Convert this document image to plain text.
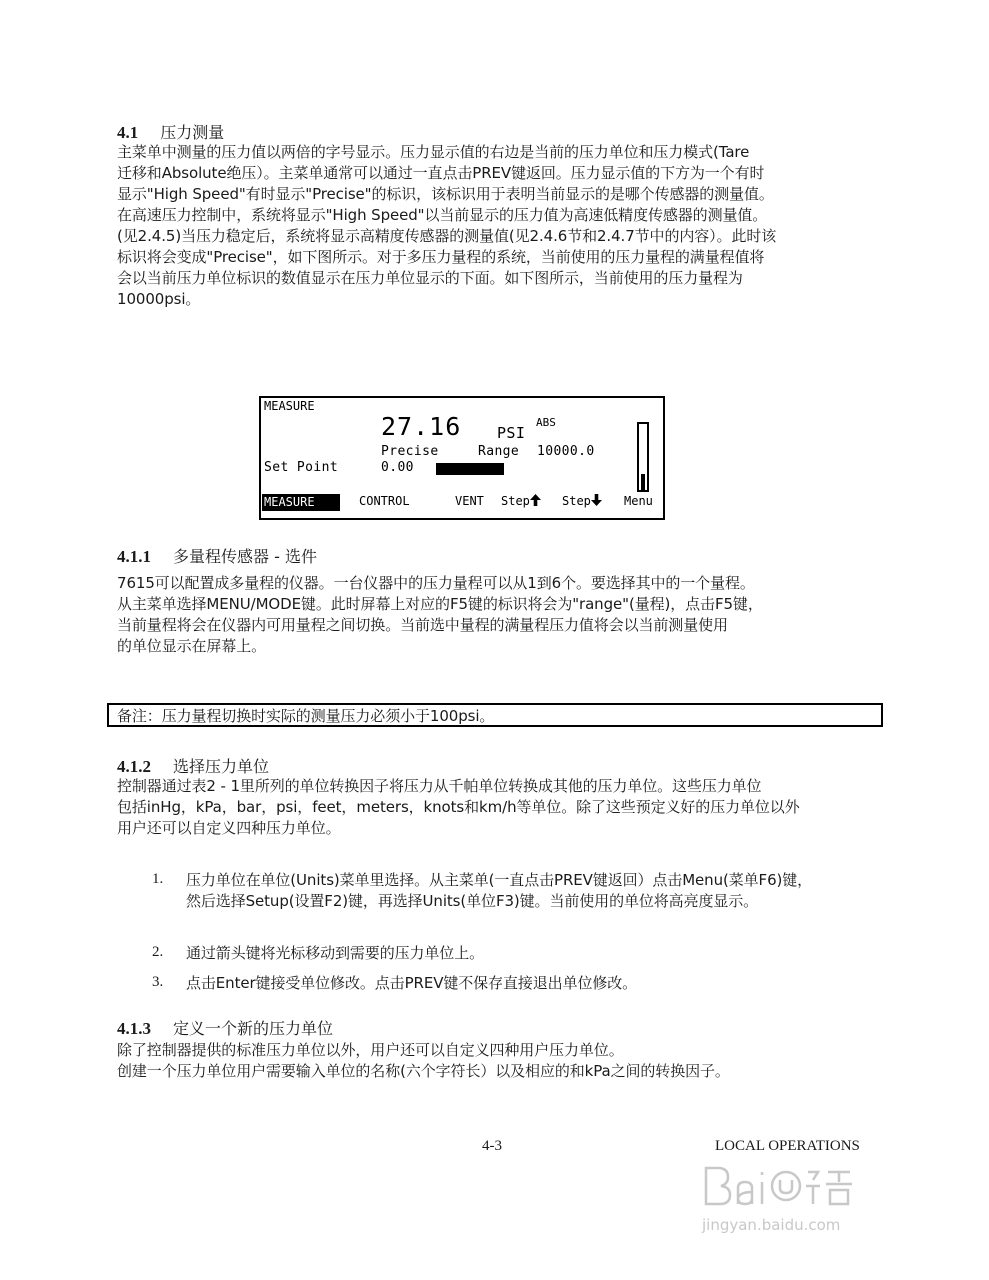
4.1 压力测量
主菜单中测量的压力值以两倍的字号显示。压力显示值的右边是当前的压力单位和压力模式(Tare
迁移和Absolute绝压）。主菜单通常可以通过一直点击PREV键返回。压力显示值的下方为一个有时
显示"High Speed"有时显示"Precise"的标识，该标识用于表明当前显示的是哪个传感器的测量值。
在高速压力控制中，系统将显示"High Speed"以当前显示的压力值为高速低精度传感器的测量值。
(见2.4.5)当压力稳定后，系统将显示高精度传感器的测量值(见2.4.6节和2.4.7节中的内容）。此时该
标识将会变成"Precise"，如下图所示。对于多压力量程的系统，当前使用的压力量程的满量程值将
会以当前压力单位标识的数值显示在压力单位显示的下面。如下图所示，当前使用的压力量程为
10000psi。
MEASURE
27.16 PSI
ABS
Precise	Range 10000.0
Set Point	0.00
MEASURE	CONTROL	VENT Step	Step	Menu
4.1.1 多量程传感器 - 选件
7615可以配置成多量程的仪器。一台仪器中的压力量程可以从1到6个。要选择其中的一个量程。
从主菜单选择MENU/MODE键。此时屏幕上对应的F5键的标识将会为"range"(量程)，点击F5键，
当前量程将会在仪器内可用量程之间切换。当前选中量程的满量程压力值将会以当前测量使用
的单位显示在屏幕上。
备注：压力量程切换时实际的测量压力必须小于100psi。
4.1.2 选择压力单位
控制器通过表2 - 1里所列的单位转换因子将压力从千帕单位转换成其他的压力单位。这些压力单位
包括inHg，kPa，bar，psi，feet，meters，knots和km/h等单位。除了这些预定义好的压力单位以外
用户还可以自定义四种压力单位。
1. 压力单位在单位(Units)菜单里选择。从主菜单(一直点击PREV键返回）点击Menu(菜单F6)键，
然后选择Setup(设置F2)键，再选择Units(单位F3)键。当前使用的单位将高亮度显示。
2. 通过箭头键将光标移动到需要的压力单位上。
3. 点击Enter键接受单位修改。点击PREV键不保存直接退出单位修改。
4.1.3 定义一个新的压力单位
除了控制器提供的标准压力单位以外，用户还可以自定义四种用户压力单位。
创建一个压力单位用户需要输入单位的名称(六个字符长）以及相应的和kPa之间的转换因子。
4-3	LOCAL OPERATIONS
jingyan.baidu.com
